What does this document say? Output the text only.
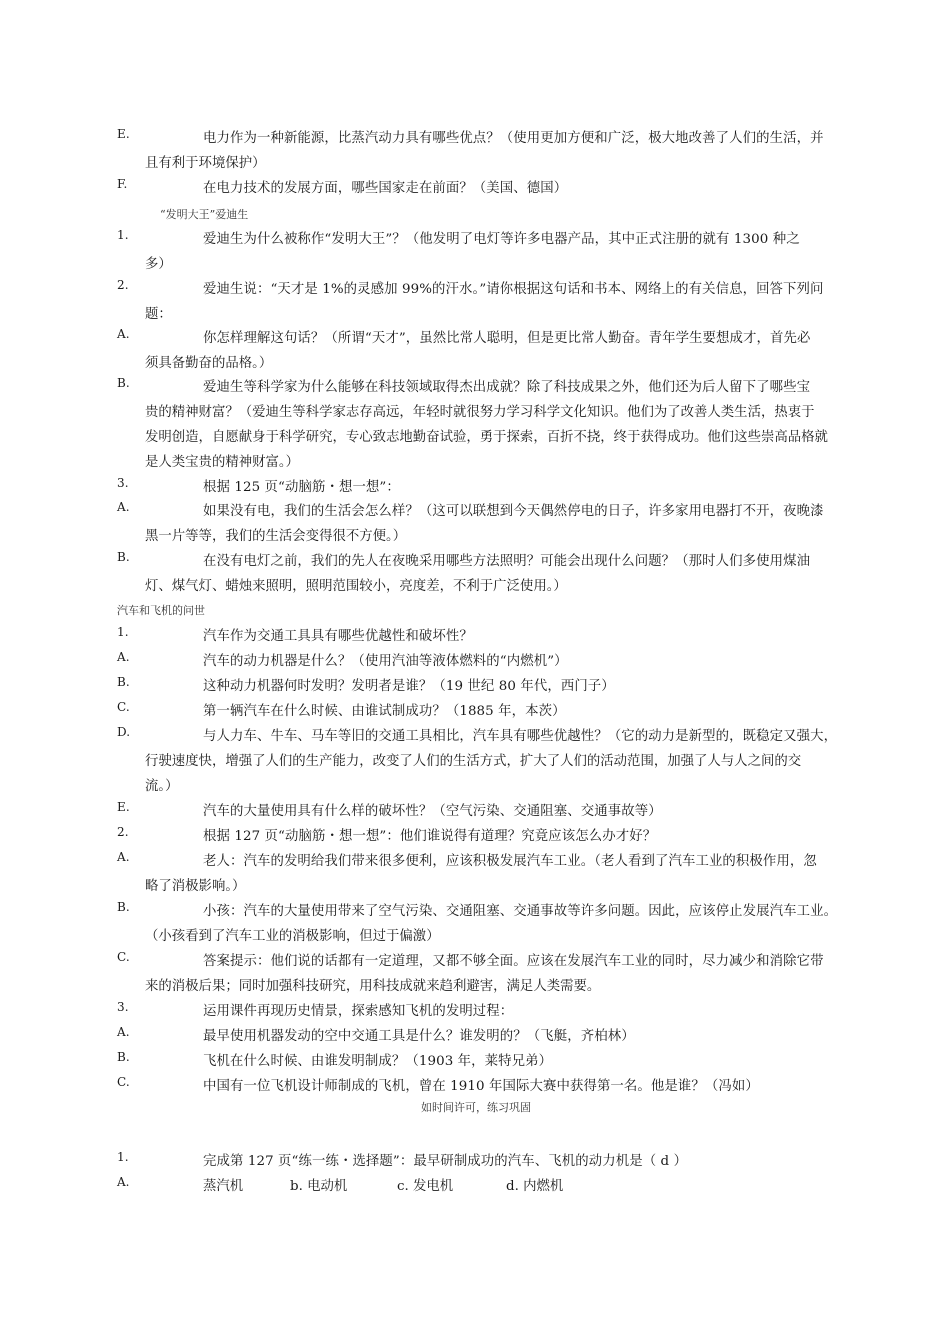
E.	电力作为一种新能源，比蒸汽动力具有哪些优点？（使用更加方便和广泛，极大地改善了人们的生活，并
且有利于环境保护）
F.	在电力技术的发展方面，哪些国家走在前面？（美国、德国）
“发明大王”爱迪生
1.	爱迪生为什么被称作“发明大王”？（他发明了电灯等许多电器产品，其中正式注册的就有 1300 种之
多）
2.	爱迪生说：“天才是 1%的灵感加 99%的汗水。”请你根据这句话和书本、网络上的有关信息，回答下列问
题：
A.	你怎样理解这句话？（所谓“天才”，虽然比常人聪明，但是更比常人勤奋。青年学生要想成才，首先必
须具备勤奋的品格。）
B.	爱迪生等科学家为什么能够在科技领域取得杰出成就？除了科技成果之外，他们还为后人留下了哪些宝
贵的精神财富？（爱迪生等科学家志存高远，年轻时就很努力学习科学文化知识。他们为了改善人类生活，热衷于
发明创造，自愿献身于科学研究，专心致志地勤奋试验，勇于探索，百折不挠，终于获得成功。他们这些崇高品格就
是人类宝贵的精神财富。）
3.	根据 125 页“动脑筋・想一想”：
A.	如果没有电，我们的生活会怎么样？（这可以联想到今天偶然停电的日子，许多家用电器打不开，夜晚漆
黑一片等等，我们的生活会变得很不方便。）
B.	在没有电灯之前，我们的先人在夜晚采用哪些方法照明？可能会出现什么问题？（那时人们多使用煤油
灯、煤气灯、蜡烛来照明，照明范围较小，亮度差，不利于广泛使用。）
汽车和飞机的问世
1.	汽车作为交通工具具有哪些优越性和破坏性？
A.	汽车的动力机器是什么？（使用汽油等液体燃料的“内燃机”）
B.	这种动力机器何时发明？发明者是谁？（19 世纪 80 年代，西门子）
C.	第一辆汽车在什么时候、由谁试制成功？（1885 年，本茨）
D.	与人力车、牛车、马车等旧的交通工具相比，汽车具有哪些优越性？（它的动力是新型的，既稳定又强大，
行驶速度快，增强了人们的生产能力，改变了人们的生活方式，扩大了人们的活动范围，加强了人与人之间的交
流。）
E.	汽车的大量使用具有什么样的破坏性？（空气污染、交通阻塞、交通事故等）
2.	根据 127 页“动脑筋・想一想”：他们谁说得有道理？究竟应该怎么办才好？
A.	老人：汽车的发明给我们带来很多便利，应该积极发展汽车工业。（老人看到了汽车工业的积极作用，忽
略了消极影响。）
B.	小孩：汽车的大量使用带来了空气污染、交通阻塞、交通事故等许多问题。因此，应该停止发展汽车工业。
（小孩看到了汽车工业的消极影响，但过于偏激）
C.	答案提示：他们说的话都有一定道理，又都不够全面。应该在发展汽车工业的同时，尽力减少和消除它带
来的消极后果；同时加强科技研究，用科技成就来趋利避害，满足人类需要。
3.	运用课件再现历史情景，探索感知飞机的发明过程：
A.	最早使用机器发动的空中交通工具是什么？谁发明的？（飞艇，齐柏林）
B.	飞机在什么时候、由谁发明制成？（1903 年，莱特兄弟）
C.	中国有一位飞机设计师制成的飞机，曾在 1910 年国际大赛中获得第一名。他是谁？（冯如）
如时间许可，练习巩固
1.	完成第 127 页“练一练・选择题”：最早研制成功的汽车、飞机的动力机是（ d ）
A.	蒸汽机	b. 电动机	c. 发电机	d. 内燃机
